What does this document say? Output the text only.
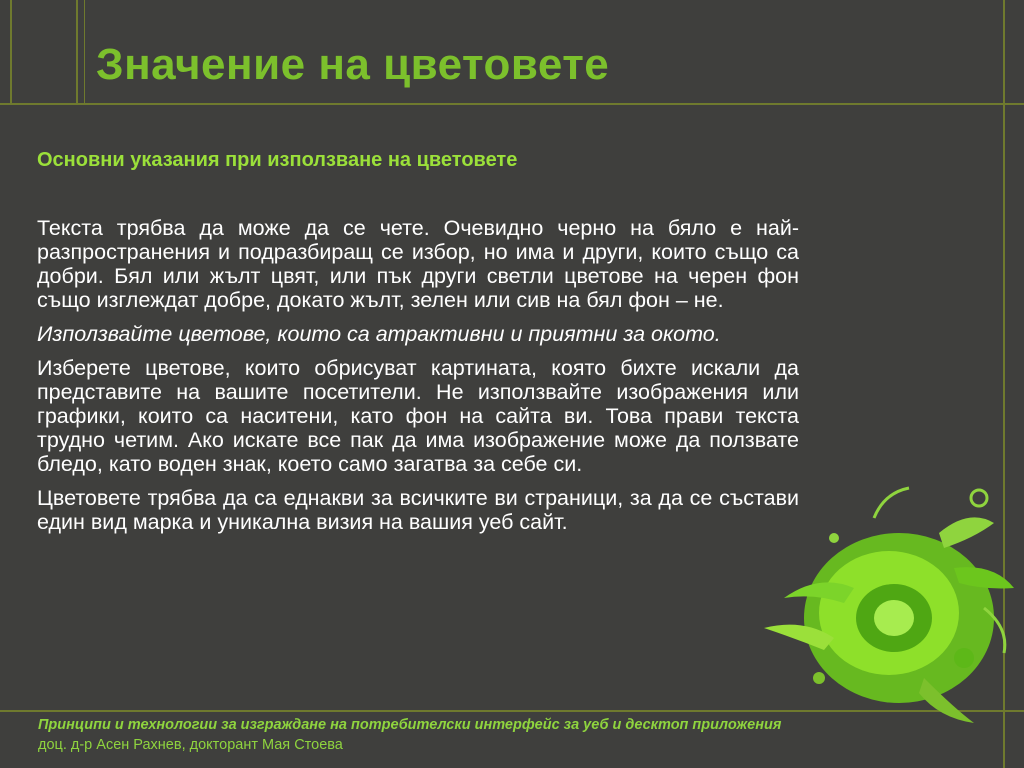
Значение на цветовете
Основни указания при използване на цветовете

Текста трябва да може да се чете. Очевидно черно на бяло е най-разпространения и подразбиращ се избор, но има и други, които също са добри. Бял или жълт цвят, или пък други светли цветове на черен фон също изглеждат добре, докато жълт, зелен или сив на бял фон – не.

Използвайте цветове, които са атрактивни и приятни за окото.

Изберете цветове, които обрисуват картината, която бихте искали да представите на вашите посетители. Не използвайте изображения или графики, които са наситени, като фон на сайта ви. Това прави текста трудно четим. Ако искате все пак да има изображение може да ползвате бледо, като воден знак, което само загатва за себе си.

Цветовете трябва да са еднакви за всичките ви страници, за да се състави един вид марка и уникална визия на вашия уеб сайт.

Принципи и технологии за изграждане на потребителски интерфейс за уеб и десктоп приложения
доц. д-р Асен Рахнев, докторант Мая Стоева
